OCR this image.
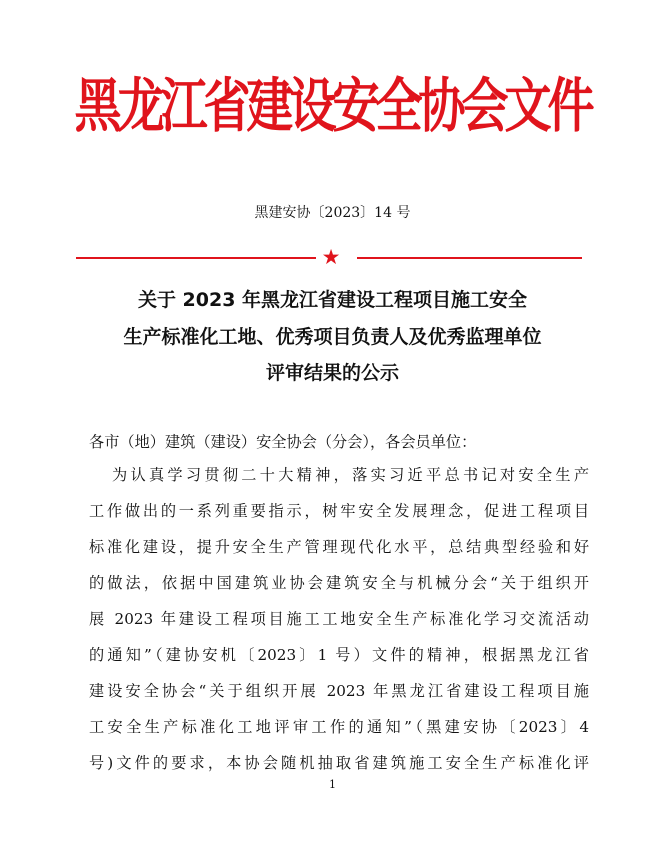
黑龙江省建设安全协会文件
黑建安协〔2023〕14 号
★
关于 2023 年黑龙江省建设工程项目施工安全
生产标准化工地、优秀项目负责人及优秀监理单位
评审结果的公示
各市（地）建筑（建设）安全协会（分会），各会员单位：
为认真学习贯彻二十大精神，落实习近平总书记对安全生产
工作做出的一系列重要指示，树牢安全发展理念，促进工程项目
标准化建设，提升安全生产管理现代化水平，总结典型经验和好
的做法，依据中国建筑业协会建筑安全与机械分会“关于组织开
展 2023 年建设工程项目施工工地安全生产标准化学习交流活动
的通知”（建协安机〔2023〕1 号）文件的精神，根据黑龙江省
建设安全协会“关于组织开展 2023 年黑龙江省建设工程项目施
工安全生产标准化工地评审工作的通知”（黑建安协〔2023〕4
号)文件的要求，本协会随机抽取省建筑施工安全生产标准化评
1
